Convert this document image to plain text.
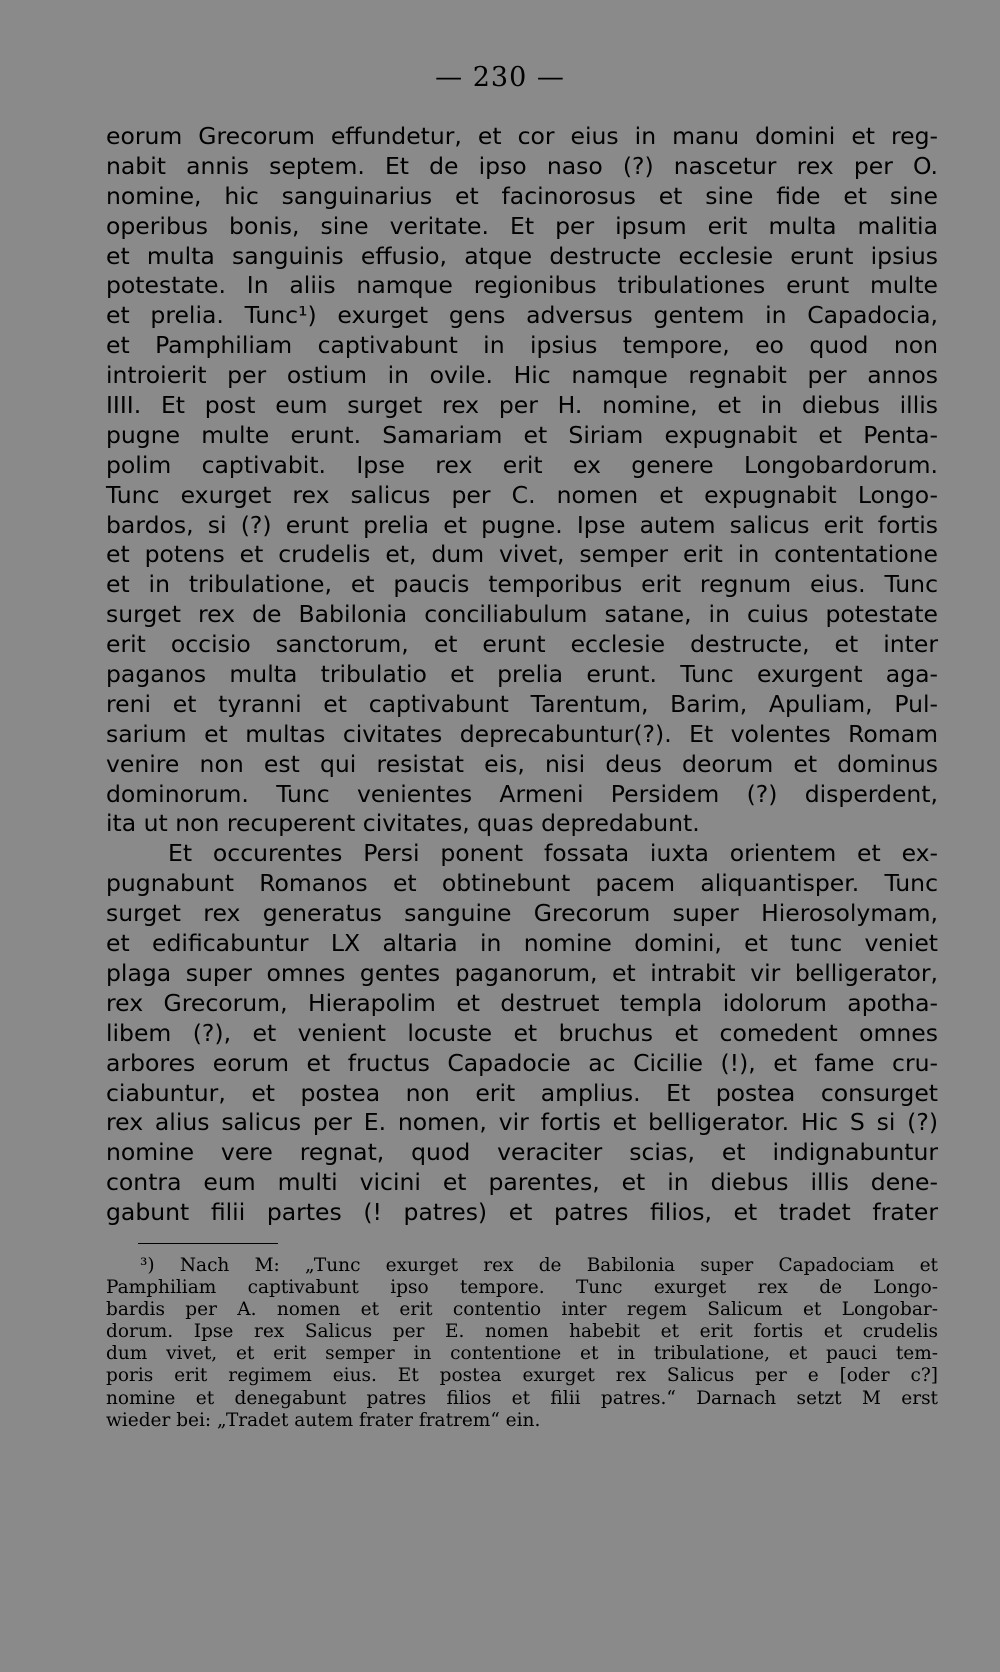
— 230 —
eorum Grecorum effundetur, et cor eius in manu domini et reg-
nabit annis septem. Et de ipso naso (?) nascetur rex per O.
nomine, hic sanguinarius et facinorosus et sine fide et sine
operibus bonis, sine veritate. Et per ipsum erit multa malitia
et multa sanguinis effusio, atque destructe ecclesie erunt ipsius
potestate. In aliis namque regionibus tribulationes erunt multe
et prelia. Tunc¹) exurget gens adversus gentem in Capadocia,
et Pamphiliam captivabunt in ipsius tempore, eo quod non
introierit per ostium in ovile. Hic namque regnabit per annos
IIII. Et post eum surget rex per H. nomine, et in diebus illis
pugne multe erunt. Samariam et Siriam expugnabit et Penta-
polim captivabit. Ipse rex erit ex genere Longobardorum.
Tunc exurget rex salicus per C. nomen et expugnabit Longo-
bardos, si (?) erunt prelia et pugne. Ipse autem salicus erit fortis
et potens et crudelis et, dum vivet, semper erit in contentatione
et in tribulatione, et paucis temporibus erit regnum eius. Tunc
surget rex de Babilonia conciliabulum satane, in cuius potestate
erit occisio sanctorum, et erunt ecclesie destructe, et inter
paganos multa tribulatio et prelia erunt. Tunc exurgent aga-
reni et tyranni et captivabunt Tarentum, Barim, Apuliam, Pul-
sarium et multas civitates deprecabuntur(?). Et volentes Romam
venire non est qui resistat eis, nisi deus deorum et dominus
dominorum. Tunc venientes Armeni Persidem (?) disperdent,
ita ut non recuperent civitates, quas depredabunt.
Et occurentes Persi ponent fossata iuxta orientem et ex-
pugnabunt Romanos et obtinebunt pacem aliquantisper. Tunc
surget rex generatus sanguine Grecorum super Hierosolymam,
et edificabuntur LX altaria in nomine domini, et tunc veniet
plaga super omnes gentes paganorum, et intrabit vir belligerator,
rex Grecorum, Hierapolim et destruet templa idolorum apotha-
libem (?), et venient locuste et bruchus et comedent omnes
arbores eorum et fructus Capadocie ac Cicilie (!), et fame cru-
ciabuntur, et postea non erit amplius. Et postea consurget
rex alius salicus per E. nomen, vir fortis et belligerator. Hic S si (?)
nomine vere regnat, quod veraciter scias, et indignabuntur
contra eum multi vicini et parentes, et in diebus illis dene-
gabunt filii partes (! patres) et patres filios, et tradet frater
³) Nach M: „Tunc exurget rex de Babilonia super Capadociam et
Pamphiliam captivabunt ipso tempore. Tunc exurget rex de Longo-
bardis per A. nomen et erit contentio inter regem Salicum et Longobar-
dorum. Ipse rex Salicus per E. nomen habebit et erit fortis et crudelis
dum vivet, et erit semper in contentione et in tribulatione, et pauci tem-
poris erit regimem eius. Et postea exurget rex Salicus per e [oder c?]
nomine et denegabunt patres filios et filii patres.“ Darnach setzt M erst
wieder bei: „Tradet autem frater fratrem“ ein.
